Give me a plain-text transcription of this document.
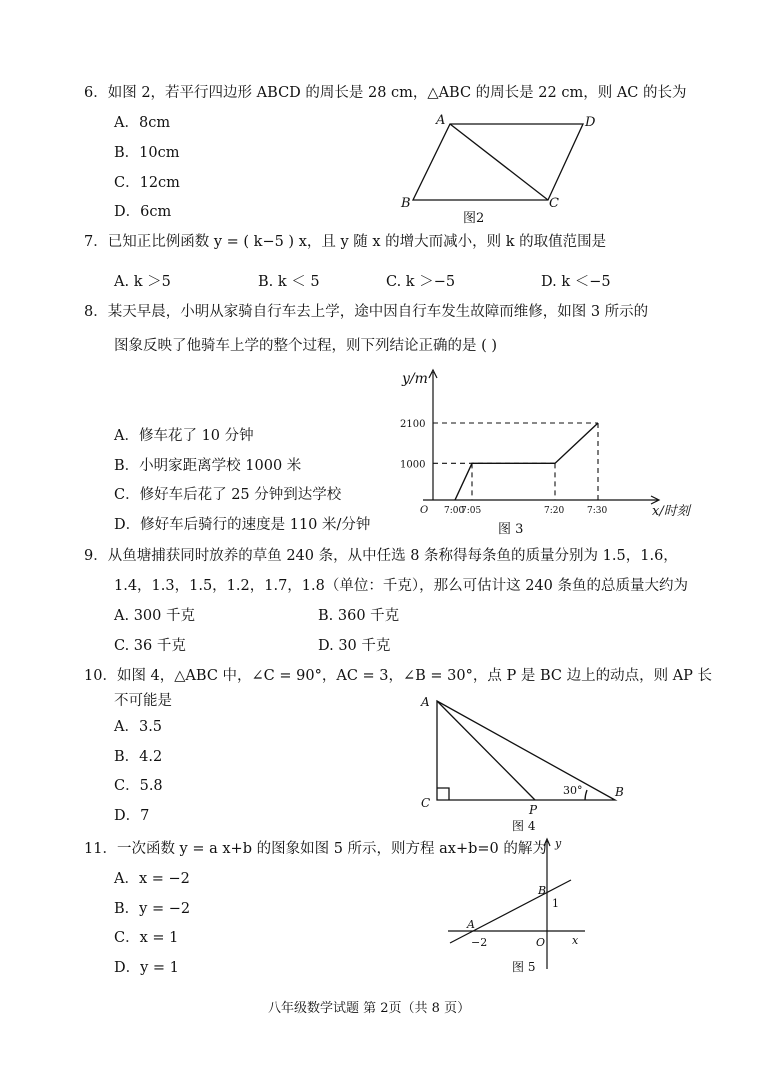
6．如图 2，若平行四边形 ABCD 的周长是 28 cm，△ABC 的周长是 22 cm，则 AC 的长为
A．8cm
B．10cm
C．12cm
D．6cm
A	D
B	C
图2
7．已知正比例函数 y = ( k−5 ) x，且 y 随 x 的增大而减小，则 k 的取值范围是
A. k ＞5	B. k ＜ 5	C. k ＞−5	D. k ＜−5
8．某天早晨，小明从家骑自行车去上学，途中因自行车发生故障而维修，如图 3 所示的
图象反映了他骑车上学的整个过程，则下列结论正确的是 ( )
A．修车花了 10 分钟
B．小明家距离学校 1000 米
C．修好车后花了 25 分钟到达学校
D．修好车后骑行的速度是 110 米/分钟
1000
2100
7:00
7:05	7:20	7:30
y/m
x/时刻
O
图 3
9．从鱼塘捕获同时放养的草鱼 240 条，从中任选 8 条称得每条鱼的质量分别为 1.5，1.6，
1.4，1.3，1.5，1.2，1.7，1.8（单位：千克），那么可估计这 240 条鱼的总质量大约为
A. 300 千克	B. 360 千克
C. 36 千克	D. 30 千克
10．如图 4，△ABC 中，∠C = 90°，AC = 3，∠B = 30°，点 P 是 BC 边上的动点，则 AP 长
不可能是
A．3.5
B．4.2
C．5.8
D．7
A
C	P
B
30°
图 4
11．一次函数 y = a x+b 的图象如图 5 所示，则方程 ax+b=0 的解为
A．x = −2
B．y = −2
C．x = 1
D．y = 1
y
x
B
A
O
1
−2
图 5
八年级数学试题 第 2页（共 8 页）
